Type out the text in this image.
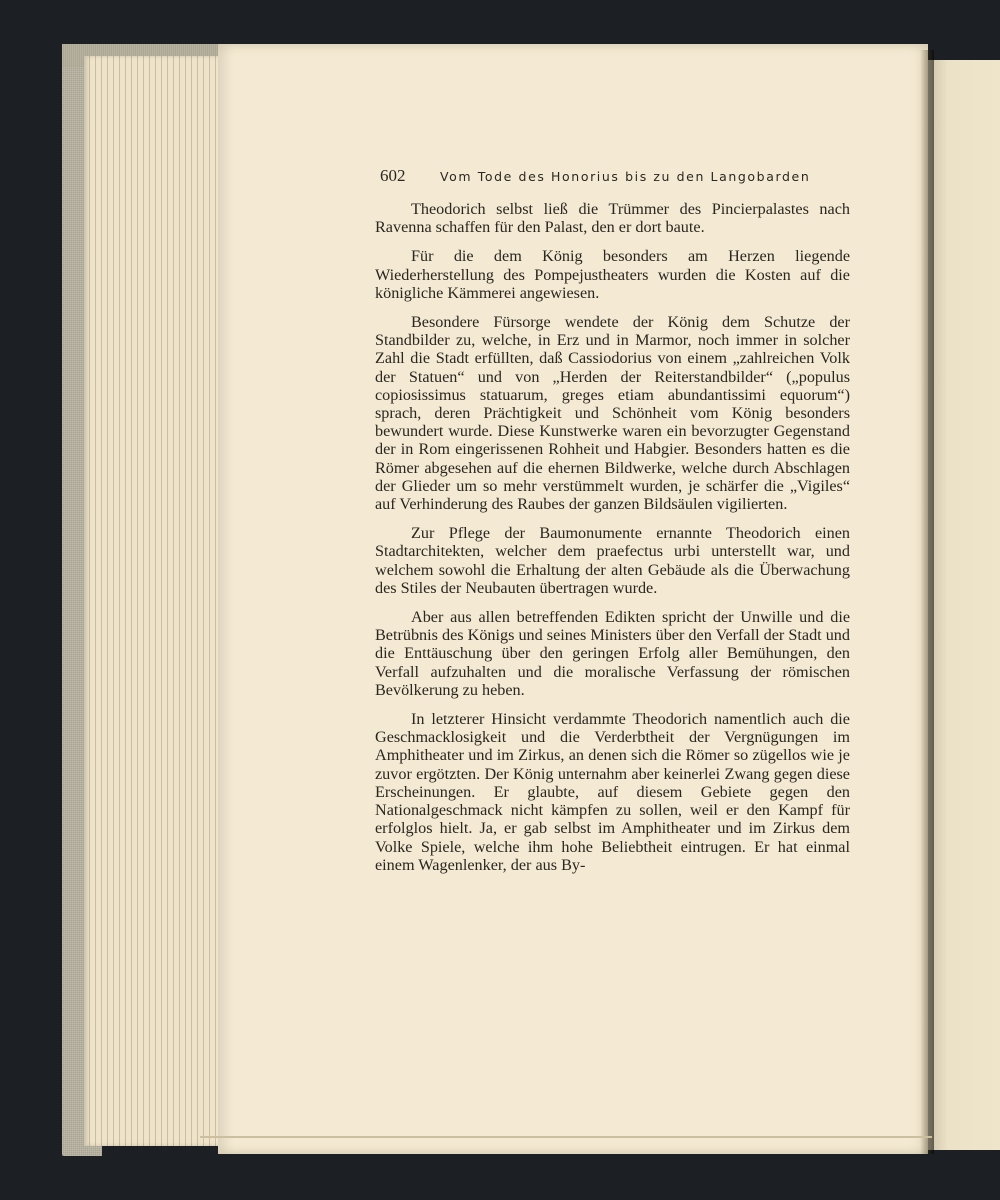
602	Vom Tode des Honorius bis zu den Langobarden

Theodorich selbst ließ die Trümmer des Pincierpalastes nach Ravenna schaffen für den Palast, den er dort baute.

Für die dem König besonders am Herzen liegende Wiederherstellung des Pompejustheaters wurden die Kosten auf die königliche Kämmerei angewiesen.

Besondere Fürsorge wendete der König dem Schutze der Standbilder zu, welche, in Erz und in Marmor, noch immer in solcher Zahl die Stadt erfüllten, daß Cassiodorius von einem „zahlreichen Volk der Statuen“ und von „Herden der Reiterstandbilder“ („populus copiosissimus statuarum, greges etiam abundantissimi equorum“) sprach, deren Prächtigkeit und Schönheit vom König besonders bewundert wurde. Diese Kunstwerke waren ein bevorzugter Gegenstand der in Rom eingerissenen Rohheit und Habgier. Besonders hatten es die Römer abgesehen auf die ehernen Bildwerke, welche durch Abschlagen der Glieder um so mehr verstümmelt wurden, je schärfer die „Vigiles“ auf Verhinderung des Raubes der ganzen Bildsäulen vigilierten.

Zur Pflege der Baumonumente ernannte Theodorich einen Stadtarchitekten, welcher dem praefectus urbi unterstellt war, und welchem sowohl die Erhaltung der alten Gebäude als die Überwachung des Stiles der Neubauten übertragen wurde.

Aber aus allen betreffenden Edikten spricht der Unwille und die Betrübnis des Königs und seines Ministers über den Verfall der Stadt und die Enttäuschung über den geringen Erfolg aller Bemühungen, den Verfall aufzuhalten und die moralische Verfassung der römischen Bevölkerung zu heben.

In letzterer Hinsicht verdammte Theodorich namentlich auch die Geschmacklosigkeit und die Verderbtheit der Vergnügungen im Amphitheater und im Zirkus, an denen sich die Römer so zügellos wie je zuvor ergötzten. Der König unternahm aber keinerlei Zwang gegen diese Erscheinungen. Er glaubte, auf diesem Gebiete gegen den Nationalgeschmack nicht kämpfen zu sollen, weil er den Kampf für erfolglos hielt. Ja, er gab selbst im Amphitheater und im Zirkus dem Volke Spiele, welche ihm hohe Beliebtheit eintrugen. Er hat einmal einem Wagenlenker, der aus By-
